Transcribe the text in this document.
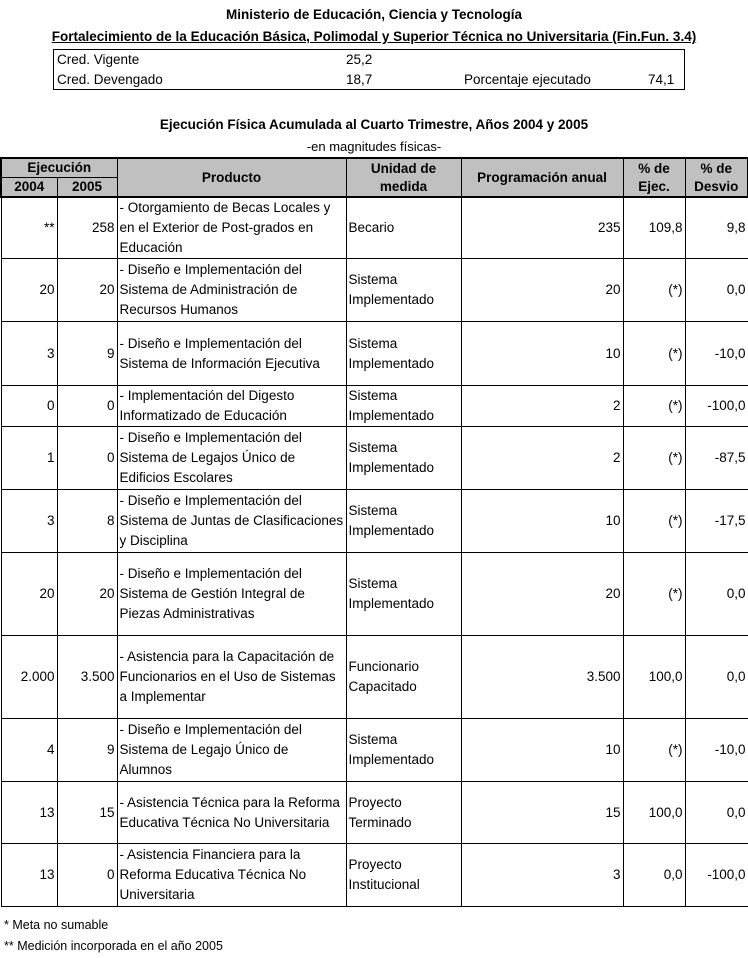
Ministerio de Educación, Ciencia y Tecnología
Fortalecimiento de la Educación Básica, Polimodal y Superior Técnica no Universitaria (Fin.Fun. 3.4)
Cred. Vigente	25,2
Cred. Devengado	18,7	Porcentaje ejecutado	74,1
Ejecución Física Acumulada al Cuarto Trimestre, Años 2004 y 2005
-en magnitudes físicas-
Ejecución		Producto	Unidad de medida	Programación anual	% de Ejec.	% de Desvio
2004	2005					
**	258	- Otorgamiento de Becas Locales y en el Exterior de Post-grados en Educación	Becario	235	109,8	9,8
20	20	- Diseño e Implementación del Sistema de Administración de Recursos Humanos	Sistema Implementado	20	(*)	0,0
3	9	- Diseño e Implementación del Sistema de Información Ejecutiva	Sistema Implementado	10	(*)	-10,0
0	0	- Implementación del Digesto Informatizado de Educación	Sistema Implementado	2	(*)	-100,0
1	0	- Diseño e Implementación del Sistema de Legajos Único de Edificios Escolares	Sistema Implementado	2	(*)	-87,5
3	8	- Diseño e Implementación del Sistema de Juntas de Clasificaciones y Disciplina	Sistema Implementado	10	(*)	-17,5
20	20	- Diseño e Implementación del Sistema de Gestión Integral de Piezas Administrativas	Sistema Implementado	20	(*)	0,0
2.000	3.500	- Asistencia para la Capacitación de Funcionarios en el Uso de Sistemas a Implementar	Funcionario Capacitado	3.500	100,0	0,0
4	9	- Diseño e Implementación del Sistema de Legajo Único de Alumnos	Sistema Implementado	10	(*)	-10,0
13	15	- Asistencia Técnica para la Reforma Educativa Técnica No Universitaria	Proyecto Terminado	15	100,0	0,0
13	0	- Asistencia Financiera para la Reforma Educativa Técnica No Universitaria	Proyecto Institucional	3	0,0	-100,0
* Meta no sumable
** Medición incorporada en el año 2005
